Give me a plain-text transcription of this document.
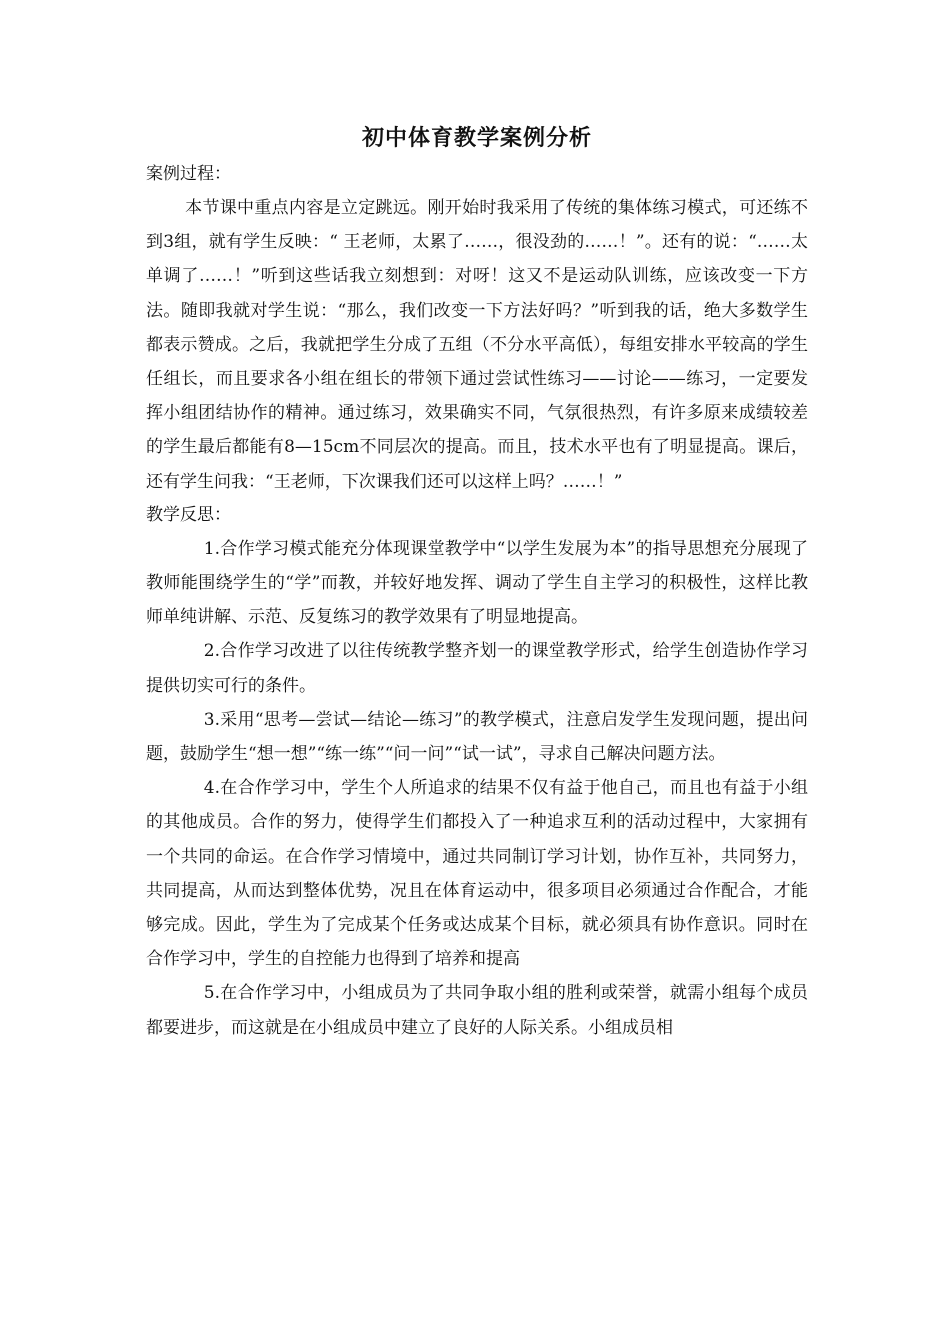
初中体育教学案例分析

案例过程：

本节课中重点内容是立定跳远。刚开始时我采用了传统的集体练习模式，可还练不到3组，就有学生反映：“ 王老师，太累了……，很没劲的……！”。还有的说：“……太单调了……！”听到这些话我立刻想到：对呀！这又不是运动队训练，应该改变一下方法。随即我就对学生说：“那么，我们改变一下方法好吗？”听到我的话，绝大多数学生都表示赞成。之后，我就把学生分成了五组（不分水平高低），每组安排水平较高的学生任组长，而且要求各小组在组长的带领下通过尝试性练习——讨论——练习，一定要发挥小组团结协作的精神。通过练习，效果确实不同，气氛很热烈，有许多原来成绩较差的学生最后都能有8—15cm不同层次的提高。而且，技术水平也有了明显提高。课后，还有学生问我：“王老师，下次课我们还可以这样上吗？……！”

教学反思：

1.合作学习模式能充分体现课堂教学中“以学生发展为本”的指导思想充分展现了教师能围绕学生的“学”而教，并较好地发挥、调动了学生自主学习的积极性，这样比教师单纯讲解、示范、反复练习的教学效果有了明显地提高。

2.合作学习改进了以往传统教学整齐划一的课堂教学形式，给学生创造协作学习提供切实可行的条件。

3.采用“思考—尝试—结论—练习”的教学模式，注意启发学生发现问题，提出问题，鼓励学生“想一想”“练一练”“问一问”“试一试”，寻求自己解决问题方法。

4.在合作学习中，学生个人所追求的结果不仅有益于他自己，而且也有益于小组的其他成员。合作的努力，使得学生们都投入了一种追求互利的活动过程中，大家拥有一个共同的命运。在合作学习情境中，通过共同制订学习计划，协作互补，共同努力，共同提高，从而达到整体优势，况且在体育运动中，很多项目必须通过合作配合，才能够完成。因此，学生为了完成某个任务或达成某个目标，就必须具有协作意识。同时在合作学习中，学生的自控能力也得到了培养和提高

5.在合作学习中，小组成员为了共同争取小组的胜利或荣誉，就需小组每个成员都要进步，而这就是在小组成员中建立了良好的人际关系。小组成员相
